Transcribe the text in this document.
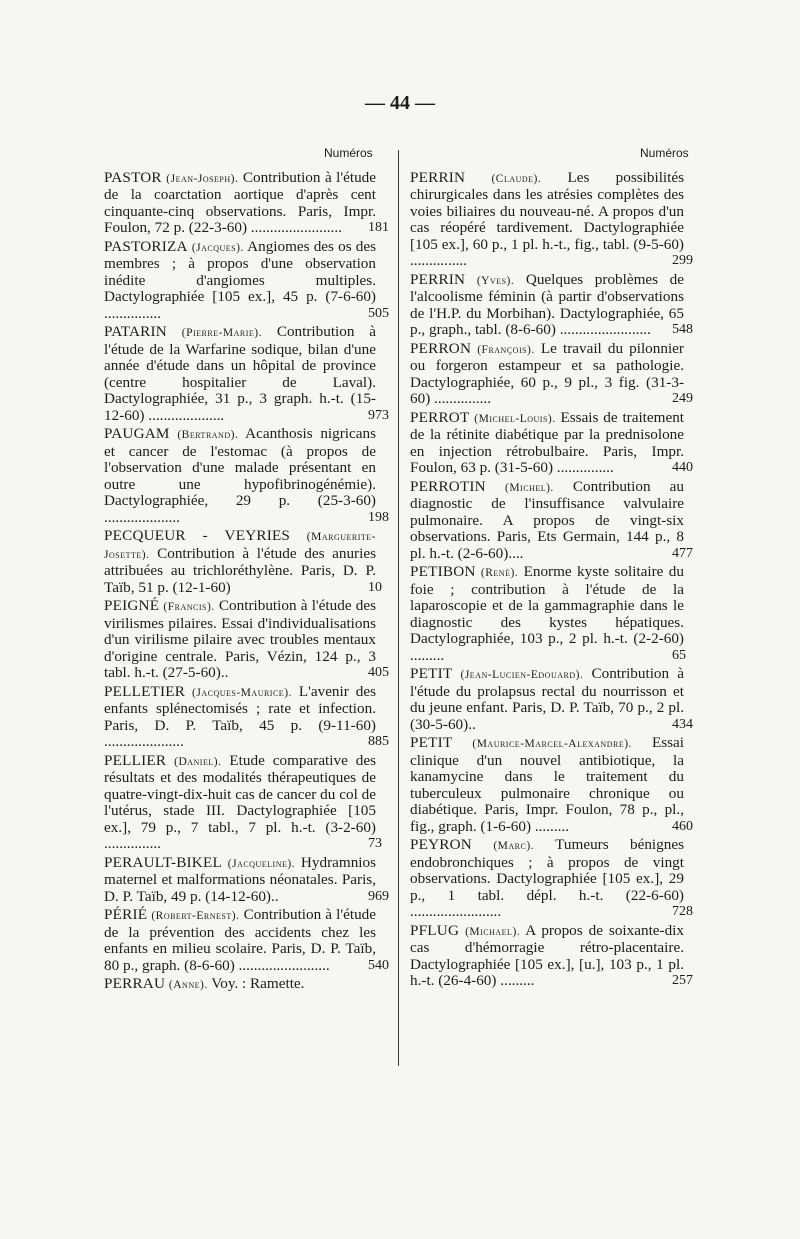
— 44 —
Numéros	Numéros
PASTOR (Jean-Joseph). Contribution à l'étude de la coarctation aortique d'après cent cinquante-cinq observations. Paris, Impr. Foulon, 72 p. (22-3-60) ........................	181
PASTORIZA (Jacques). Angiomes des os des membres ; à propos d'une observation inédite d'angiomes multiples. Dactylographiée [105 ex.], 45 p. (7-6-60) ...............	505
PATARIN (Pierre-Marie). Contribution à l'étude de la Warfarine sodique, bilan d'une année d'étude dans un hôpital de province (centre hospitalier de Laval). Dactylographiée, 31 p., 3 graph. h.-t. (15-12-60) ....................	973
PAUGAM (Bertrand). Acanthosis nigricans et cancer de l'estomac (à propos de l'observation d'une malade présentant en outre une hypofibrinogénémie). Dactylographiée, 29 p. (25-3-60) ....................	198
PECQUEUR - VEYRIES (Marguerite-Josette). Contribution à l'étude des anuries attribuées au trichloréthylène. Paris, D. P. Taïb, 51 p. (12-1-60)	10
PEIGNÉ (Francis). Contribution à l'étude des virilismes pilaires. Essai d'individualisations d'un virilisme pilaire avec troubles mentaux d'origine centrale. Paris, Vézin, 124 p., 3 tabl. h.-t. (27-5-60)..	405
PELLETIER (Jacques-Maurice). L'avenir des enfants splénectomisés ; rate et infection. Paris, D. P. Taïb, 45 p. (9-11-60) .....................	885
PELLIER (Daniel). Etude comparative des résultats et des modalités thérapeutiques de quatre-vingt-dix-huit cas de cancer du col de l'utérus, stade III. Dactylographiée [105 ex.], 79 p., 7 tabl., 7 pl. h.-t. (3-2-60) ...............	73
PERAULT-BIKEL (Jacqueline). Hydramnios maternel et malformations néonatales. Paris, D. P. Taïb, 49 p. (14-12-60)..	969
PÉRIÉ (Robert-Ernest). Contribution à l'étude de la prévention des accidents chez les enfants en milieu scolaire. Paris, D. P. Taïb, 80 p., graph. (8-6-60) ........................	540
PERRAU (Anne). Voy. : Ramette.
PERRIN (Claude). Les possibilités chirurgicales dans les atrésies complètes des voies biliaires du nouveau-né. A propos d'un cas réopéré tardivement. Dactylographiée [105 ex.], 60 p., 1 pl. h.-t., fig., tabl. (9-5-60) ...............	299
PERRIN (Yves). Quelques problèmes de l'alcoolisme féminin (à partir d'observations de l'H.P. du Morbihan). Dactylographiée, 65 p., graph., tabl. (8-6-60) ........................	548
PERRON (François). Le travail du pilonnier ou forgeron estampeur et sa pathologie. Dactylographiée, 60 p., 9 pl., 3 fig. (31-3-60) ...............	249
PERROT (Michel-Louis). Essais de traitement de la rétinite diabétique par la prednisolone en injection rétrobulbaire. Paris, Impr. Foulon, 63 p. (31-5-60) ...............	440
PERROTIN (Michel). Contribution au diagnostic de l'insuffisance valvulaire pulmonaire. A propos de vingt-six observations. Paris, Ets Germain, 144 p., 8 pl. h.-t. (2-6-60)....	477
PETIBON (René). Enorme kyste solitaire du foie ; contribution à l'étude de la laparoscopie et de la gammagraphie dans le diagnostic des kystes hépatiques. Dactylographiée, 103 p., 2 pl. h.-t. (2-2-60) .........	65
PETIT (Jean-Lucien-Edouard). Contribution à l'étude du prolapsus rectal du nourrisson et du jeune enfant. Paris, D. P. Taïb, 70 p., 2 pl. (30-5-60)..	434
PETIT (Maurice-Marcel-Alexandre). Essai clinique d'un nouvel antibiotique, la kanamycine dans le traitement du tuberculeux pulmonaire chronique ou diabétique. Paris, Impr. Foulon, 78 p., pl., fig., graph. (1-6-60) .........	460
PEYRON (Marc). Tumeurs bénignes endobronchiques ; à propos de vingt observations. Dactylographiée [105 ex.], 29 p., 1 tabl. dépl. h.-t. (22-6-60) ........................	728
PFLUG (Michael). A propos de soixante-dix cas d'hémorragie rétro-placentaire. Dactylographiée [105 ex.], [u.], 103 p., 1 pl. h.-t. (26-4-60) .........	257
